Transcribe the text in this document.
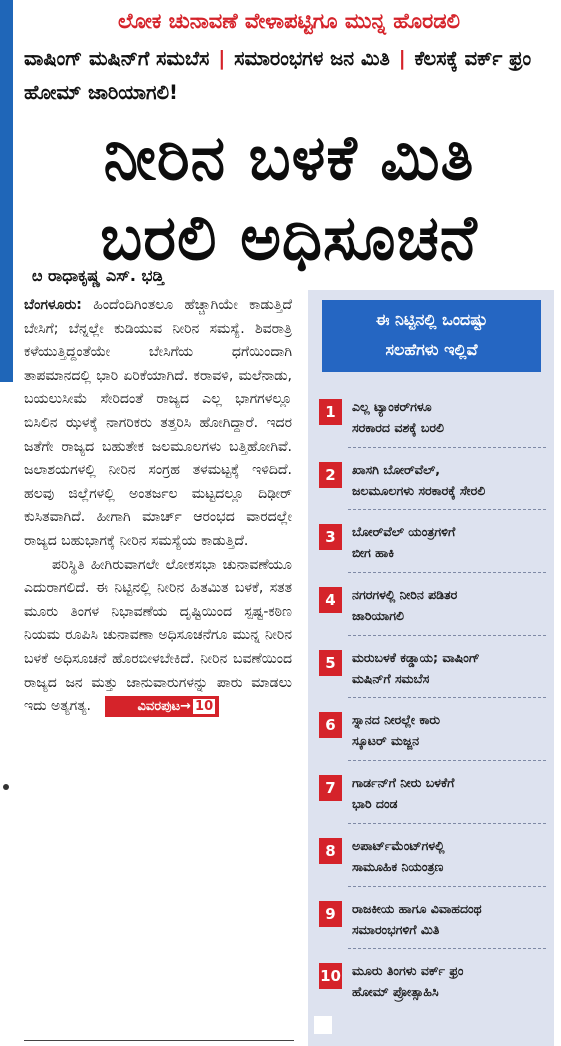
ಲೋಕ ಚುನಾವಣೆ ವೇಳಾಪಟ್ಟಿಗೂ ಮುನ್ನ ಹೊರಡಲಿ
ವಾಷಿಂಗ್ ಮಷಿನ್‌ಗೆ ಸಮಬೆಸ | ಸಮಾರಂಭಗಳ ಜನ ಮಿತಿ | ಕೆಲಸಕ್ಕೆ ವರ್ಕ್ ಫ್ರಂ ಹೋಮ್ ಜಾರಿಯಾಗಲಿ!
ನೀರಿನ ಬಳಕೆ ಮಿತಿ
ಬರಲಿ ಅಧಿಸೂಚನೆ
ೞ ರಾಧಾಕೃಷ್ಣ ಎಸ್. ಭಡ್ತಿ

ಬೆಂಗಳೂರು: ಹಿಂದೆಂದಿಗಿಂತಲೂ ಹೆಚ್ಚಾಗಿಯೇ ಕಾಡುತ್ತಿದೆ ಬೇಸಿಗೆ; ಬೆನ್ನಲ್ಲೇ ಕುಡಿಯುವ ನೀರಿನ ಸಮಸ್ಯೆ. ಶಿವರಾತ್ರಿ ಕಳೆಯುತ್ತಿದ್ದಂತೆಯೇ ಬೇಸಿಗೆಯ ಧಗೆಯಿಂದಾಗಿ ತಾಪಮಾನದಲ್ಲಿ ಭಾರಿ ಏರಿಕೆಯಾಗಿದೆ. ಕರಾವಳಿ, ಮಲೆನಾಡು, ಬಯಲುಸೀಮೆ ಸೇರಿದಂತೆ ರಾಜ್ಯದ ಎಲ್ಲ ಭಾಗಗಳಲ್ಲೂ ಬಿಸಿಲಿನ ಝಳಕ್ಕೆ ನಾಗರಿಕರು ತತ್ತರಿಸಿ ಹೋಗಿದ್ದಾರೆ. ಇದರ ಜತೆಗೇ ರಾಜ್ಯದ ಬಹುತೇಕ ಜಲಮೂಲಗಳು ಬತ್ತಿಹೋಗಿವೆ. ಜಲಾಶಯಗಳಲ್ಲಿ ನೀರಿನ ಸಂಗ್ರಹ ತಳಮಟ್ಟಕ್ಕೆ ಇಳಿದಿದೆ. ಹಲವು ಜಿಲ್ಲೆಗಳಲ್ಲಿ ಅಂತರ್ಜಲ ಮಟ್ಟದಲ್ಲೂ ದಿಢೀರ್ ಕುಸಿತವಾಗಿದೆ. ಹೀಗಾಗಿ ಮಾರ್ಚ್ ಆರಂಭದ ವಾರದಲ್ಲೇ ರಾಜ್ಯದ ಬಹುಭಾಗಕ್ಕೆ ನೀರಿನ ಸಮಸ್ಯೆಯ ಕಾಡುತ್ತಿದೆ.

ಪರಿಸ್ಥಿತಿ ಹೀಗಿರುವಾಗಲೇ ಲೋಕಸಭಾ ಚುನಾವಣೆಯೂ ಎದುರಾಗಲಿದೆ. ಈ ನಿಟ್ಟಿನಲ್ಲಿ ನೀರಿನ ಹಿತಮಿತ ಬಳಕೆ, ಸತತ ಮೂರು ತಿಂಗಳ ನಿಭಾವಣೆಯ ದೃಷ್ಟಿಯಿಂದ ಸ್ಪಷ್ಟ-ಕಠಿಣ ನಿಯಮ ರೂಪಿಸಿ ಚುನಾವಣಾ ಅಧಿಸೂಚನೆಗೂ ಮುನ್ನ ನೀರಿನ ಬಳಕೆ ಅಧಿಸೂಚನೆ ಹೊರಬೀಳಬೇಕಿದೆ. ನೀರಿನ ಬವಣೆಯಿಂದ ರಾಜ್ಯದ ಜನ ಮತ್ತು ಜಾನುವಾರುಗಳನ್ನು ಪಾರು ಮಾಡಲು ಇದು ಅತ್ಯಗತ್ಯ.	ವಿವರಪುಟ→ 10

ಈ ನಿಟ್ಟಿನಲ್ಲಿ ಒಂದಷ್ಟು
ಸಲಹೆಗಳು ಇಲ್ಲಿವೆ
1	ಎಲ್ಲ ಟ್ಯಾಂಕರ್‌ಗಳೂ
ಸರಕಾರದ ವಶಕ್ಕೆ ಬರಲಿ
2	ಖಾಸಗಿ ಬೋರ್‌ವೆಲ್,
ಜಲಮೂಲಗಳು ಸರಕಾರಕ್ಕೆ ಸೇರಲಿ
3	ಬೋರ್‌ವೆಲ್ ಯಂತ್ರಗಳಿಗೆ
ಬೀಗ ಹಾಕಿ
4	ನಗರಗಳಲ್ಲಿ ನೀರಿನ ಪಡಿತರ
ಜಾರಿಯಾಗಲಿ
5	ಮರುಬಳಕೆ ಕಡ್ಡಾಯ; ವಾಷಿಂಗ್
ಮಷಿನ್‌ಗೆ ಸಮಬೆಸ
6	ಸ್ನಾನದ ನೀರಲ್ಲೇ ಕಾರು
ಸ್ಕೂಟರ್ ಮಜ್ಜನ
7	ಗಾರ್ಡನ್‌ಗೆ ನೀರು ಬಳಕೆಗೆ
ಭಾರಿ ದಂಡ
8	ಅಪಾರ್ಟ್‌ಮೆಂಟ್‌ಗಳಲ್ಲಿ
ಸಾಮೂಹಿಕ ನಿಯಂತ್ರಣ
9	ರಾಜಕೀಯ ಹಾಗೂ ವಿವಾಹದಂಥ
ಸಮಾರಂಭಗಳಿಗೆ ಮಿತಿ
10 ಮೂರು ತಿಂಗಳು ವರ್ಕ್ ಫ್ರಂ
ಹೋಮ್ ಪ್ರೋತ್ಸಾಹಿಸಿ
